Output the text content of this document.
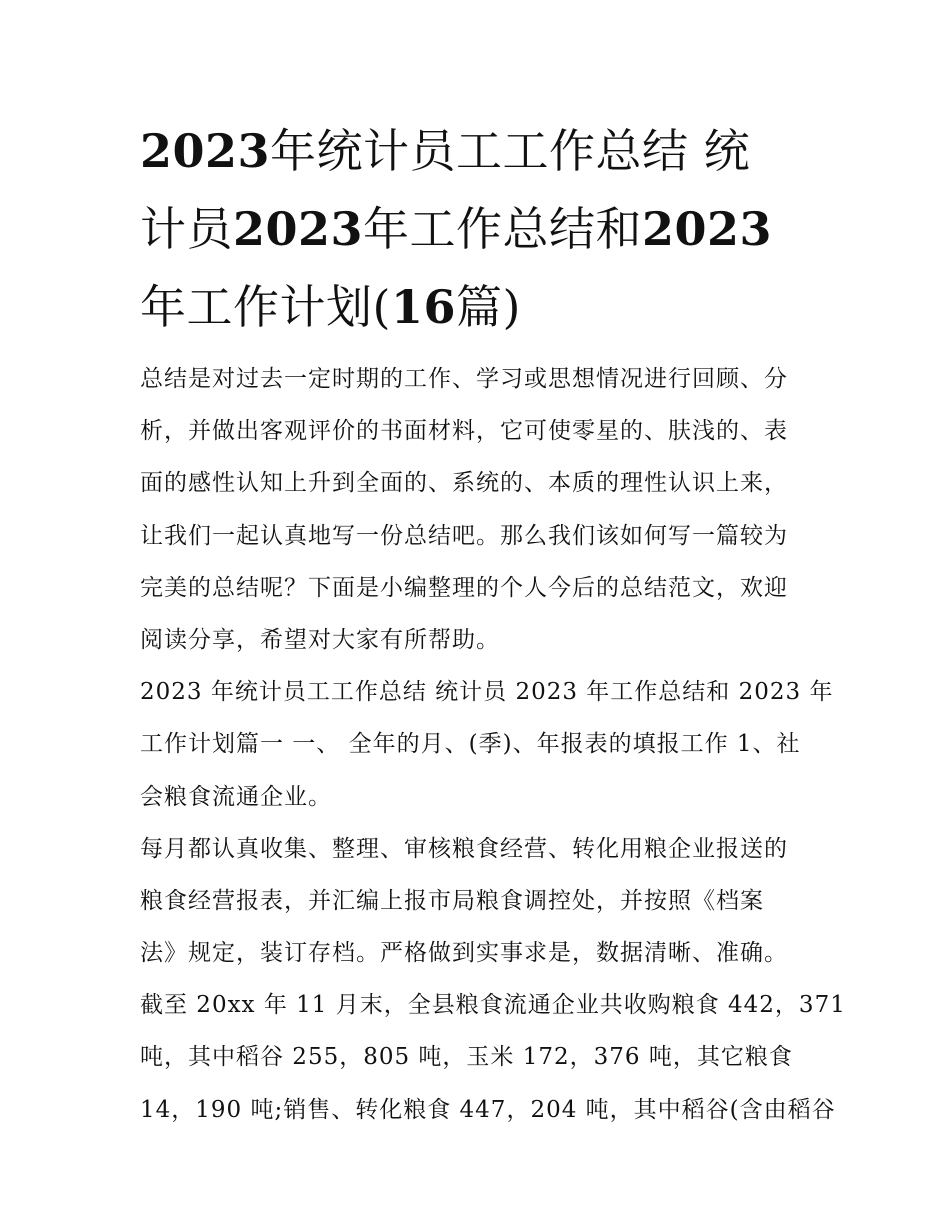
2023年统计员工工作总结 统
计员2023年工作总结和2023
年工作计划(16篇)
总结是对过去一定时期的工作、学习或思想情况进行回顾、分
析，并做出客观评价的书面材料，它可使零星的、肤浅的、表
面的感性认知上升到全面的、系统的、本质的理性认识上来，
让我们一起认真地写一份总结吧。那么我们该如何写一篇较为
完美的总结呢？下面是小编整理的个人今后的总结范文，欢迎
阅读分享，希望对大家有所帮助。
2023 年统计员工工作总结 统计员 2023 年工作总结和 2023 年
工作计划篇一 一、 全年的月、(季)、年报表的填报工作 1、社
会粮食流通企业。
每月都认真收集、整理、审核粮食经营、转化用粮企业报送的
粮食经营报表，并汇编上报市局粮食调控处，并按照《档案
法》规定，装订存档。严格做到实事求是，数据清晰、准确。
截至 20xx 年 11 月末，全县粮食流通企业共收购粮食 442，371
吨，其中稻谷 255，805 吨，玉米 172，376 吨，其它粮食
14，190 吨;销售、转化粮食 447，204 吨，其中稻谷(含由稻谷
